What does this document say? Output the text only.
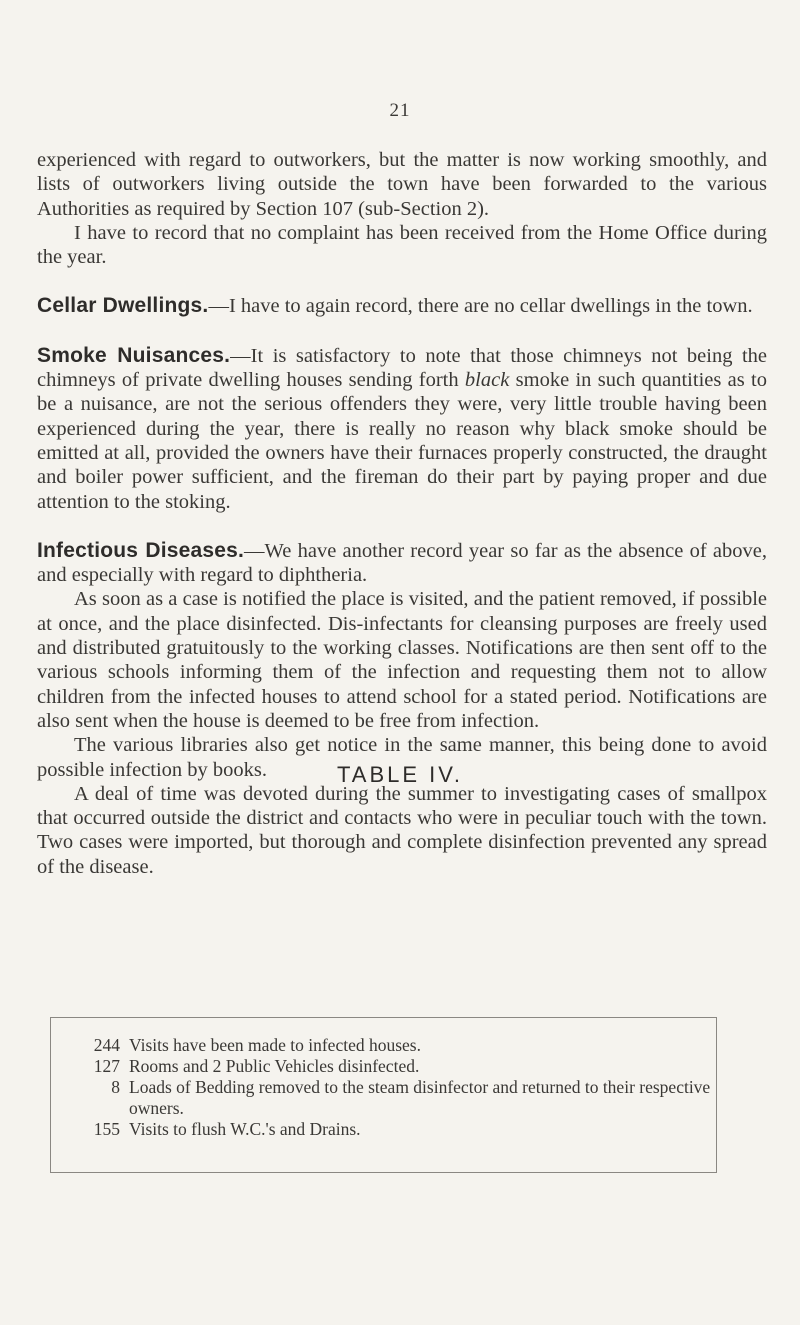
21

experienced with regard to outworkers, but the matter is now working smoothly, and lists of outworkers living outside the town have been forwarded to the various Authorities as required by Section 107 (sub-Section 2).

I have to record that no complaint has been received from the Home Office during the year.

Cellar Dwellings.—I have to again record, there are no cellar dwellings in the town.

Smoke Nuisances.—It is satisfactory to note that those chimneys not being the chimneys of private dwelling houses sending forth black smoke in such quantities as to be a nuisance, are not the serious offenders they were, very little trouble having been experienced during the year, there is really no reason why black smoke should be emitted at all, provided the owners have their furnaces properly constructed, the draught and boiler power sufficient, and the fireman do their part by paying proper and due attention to the stoking.

Infectious Diseases.—We have another record year so far as the absence of above, and especially with regard to diphtheria.

As soon as a case is notified the place is visited, and the patient removed, if possible at once, and the place disinfected. Dis-infectants for cleansing purposes are freely used and distributed gratuitously to the working classes. Notifications are then sent off to the various schools informing them of the infection and requesting them not to allow children from the infected houses to attend school for a stated period. Notifications are also sent when the house is deemed to be free from infection.

The various libraries also get notice in the same manner, this being done to avoid possible infection by books.

A deal of time was devoted during the summer to investigating cases of smallpox that occurred outside the district and contacts who were in peculiar touch with the town. Two cases were imported, but thorough and complete disinfection prevented any spread of the disease.

TABLE IV.
244 Visits have been made to infected houses.
127 Rooms and 2 Public Vehicles disinfected.
8 Loads of Bedding removed to the steam disinfector and returned to their respective owners.
155 Visits to flush W.C.'s and Drains.
